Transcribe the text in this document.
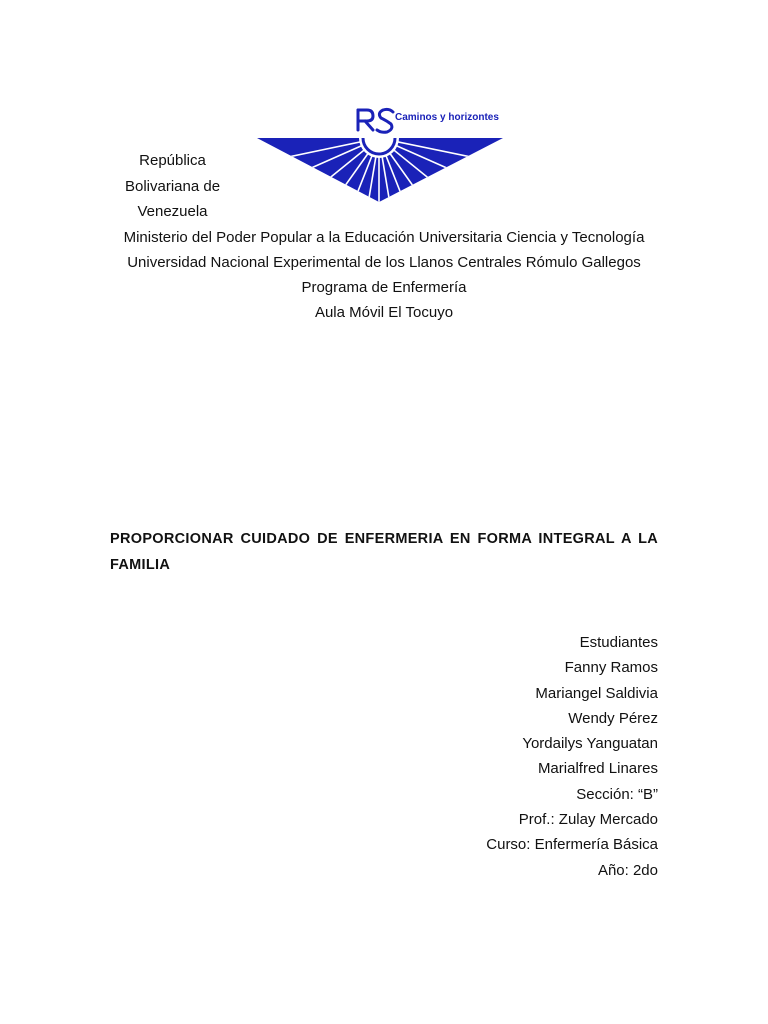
Caminos y horizontes
República
Bolivariana de
Venezuela
Ministerio del Poder Popular a la Educación Universitaria Ciencia y Tecnología
Universidad Nacional Experimental de los Llanos Centrales Rómulo Gallegos
Programa de Enfermería
Aula Móvil El Tocuyo
PROPORCIONAR CUIDADO DE ENFERMERIA EN FORMA INTEGRAL A LA FAMILIA
Estudiantes
Fanny Ramos
Mariangel Saldivia
Wendy Pérez
Yordailys Yanguatan
Marialfred Linares
Sección: “B”
Prof.: Zulay Mercado
Curso: Enfermería Básica
Año: 2do
